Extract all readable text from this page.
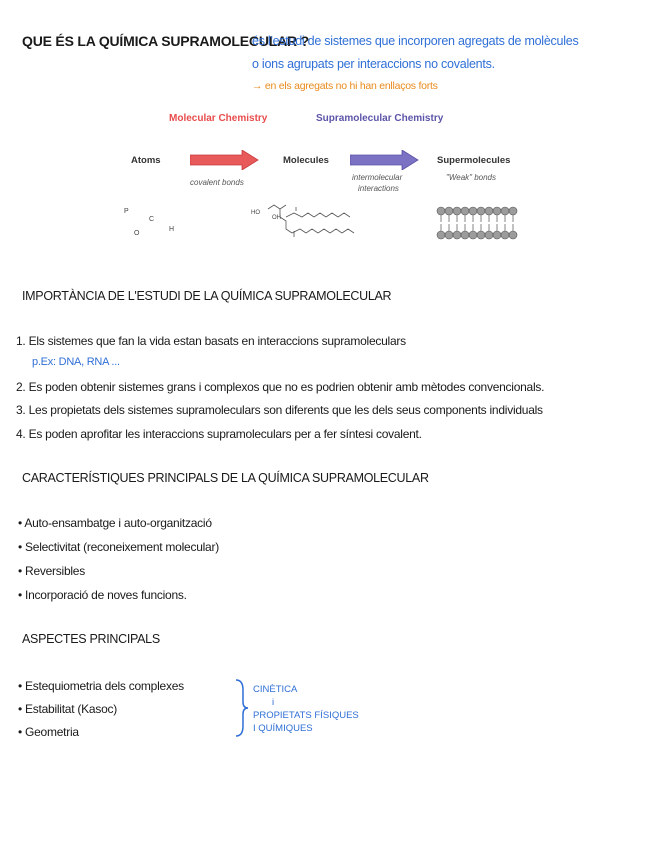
QUE ÉS LA QUÍMICA SUPRAMOLECULAR ?
és l'estudi de sistemes que incorporen agregats de molècules
o ions agrupats per interaccions no covalents.
→ en els agregats no hi han enllaços forts
Molecular Chemistry	Supramolecular Chemistry
Atoms	Molecules	Supermolecules
covalent bonds
intermolecular
interactions
"Weak" bonds
P
C
O
H
HO
OH
IMPORTÀNCIA DE L'ESTUDI DE LA QUÍMICA SUPRAMOLECULAR
1. Els sistemes que fan la vida estan basats en interaccions supramoleculars
p.Ex: DNA, RNA ...
2. Es poden obtenir sistemes grans i complexos que no es podrien obtenir amb mètodes convencionals.
3. Les propietats dels sistemes supramoleculars son diferents que les dels seus components individuals
4. Es poden aprofitar les interaccions supramoleculars per a fer síntesi covalent.
CARACTERÍSTIQUES PRINCIPALS DE LA QUÍMICA SUPRAMOLECULAR
• Auto-ensambatge i auto-organització
• Selectivitat (reconeixement molecular)
• Reversibles
• Incorporació de noves funcions.
ASPECTES PRINCIPALS
• Estequiometria dels complexes
• Estabilitat (Kasoc)
• Geometria
CINÈTICA
i
PROPIETATS FÍSIQUES
I QUÍMIQUES
